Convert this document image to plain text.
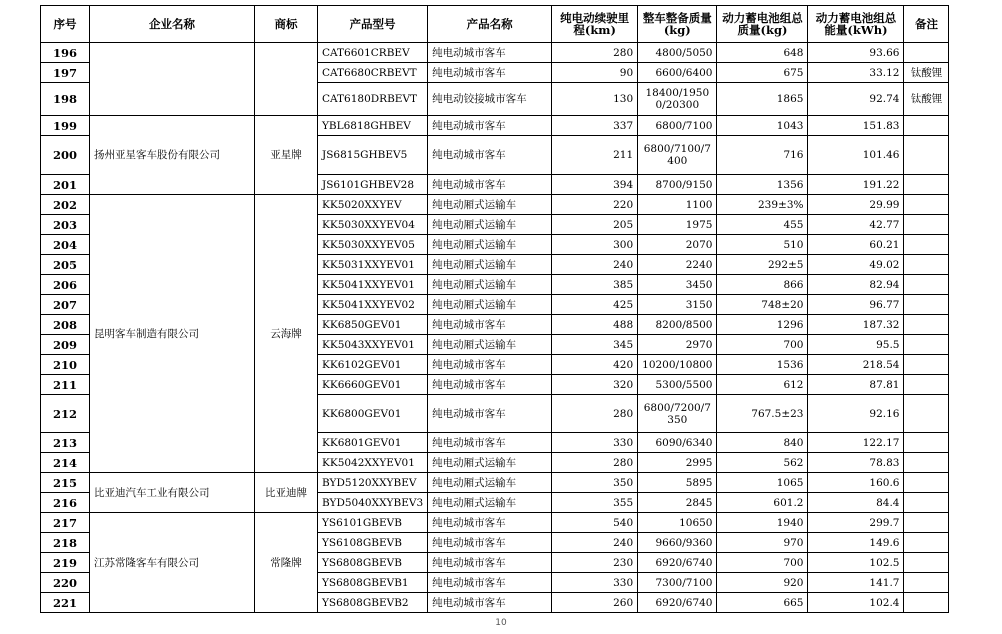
序号	企业名称	商标	产品型号	产品名称	纯电动续驶里程(km)	整车整备质量(kg)	动力蓄电池组总质量(kg)	动力蓄电池组总能量(kWh)	备注
196			CAT6601CRBEV	纯电动城市客车	280	4800/5050	648	93.66	
197			CAT6680CRBEVT	纯电动城市客车	90	6600/6400	675	33.12	钛酸锂
198			CAT6180DRBEVT	纯电动铰接城市客车	130	18400/19500/20300	1865	92.74	钛酸锂
199	扬州亚星客车股份有限公司	亚星牌	YBL6818GHBEV	纯电动城市客车	337	6800/7100	1043	151.83	
200			JS6815GHBEV5	纯电动城市客车	211	6800/7100/7400	716	101.46	
201			JS6101GHBEV28	纯电动城市客车	394	8700/9150	1356	191.22	
202	昆明客车制造有限公司	云海牌	KK5020XXYEV	纯电动厢式运输车	220	1100	239±3%	29.99	
203			KK5030XXYEV04	纯电动厢式运输车	205	1975	455	42.77	
204			KK5030XXYEV05	纯电动厢式运输车	300	2070	510	60.21	
205			KK5031XXYEV01	纯电动厢式运输车	240	2240	292±5	49.02	
206			KK5041XXYEV01	纯电动厢式运输车	385	3450	866	82.94	
207			KK5041XXYEV02	纯电动厢式运输车	425	3150	748±20	96.77	
208			KK6850GEV01	纯电动城市客车	488	8200/8500	1296	187.32	
209			KK5043XXYEV01	纯电动厢式运输车	345	2970	700	95.5	
210			KK6102GEV01	纯电动城市客车	420	10200/10800	1536	218.54	
211			KK6660GEV01	纯电动城市客车	320	5300/5500	612	87.81	
212			KK6800GEV01	纯电动城市客车	280	6800/7200/7350	767.5±23	92.16	
213			KK6801GEV01	纯电动城市客车	330	6090/6340	840	122.17	
214			KK5042XXYEV01	纯电动厢式运输车	280	2995	562	78.83	
215	比亚迪汽车工业有限公司	比亚迪牌	BYD5120XXYBEV	纯电动厢式运输车	350	5895	1065	160.6	
216			BYD5040XXYBEV3	纯电动厢式运输车	355	2845	601.2	84.4	
217	江苏常隆客车有限公司	常隆牌	YS6101GBEVB	纯电动城市客车	540	10650	1940	299.7	
218			YS6108GBEVB	纯电动城市客车	240	9660/9360	970	149.6	
219			YS6808GBEVB	纯电动城市客车	230	6920/6740	700	102.5	
220			YS6808GBEVB1	纯电动城市客车	330	7300/7100	920	141.7	
221			YS6808GBEVB2	纯电动城市客车	260	6920/6740	665	102.4	
10
